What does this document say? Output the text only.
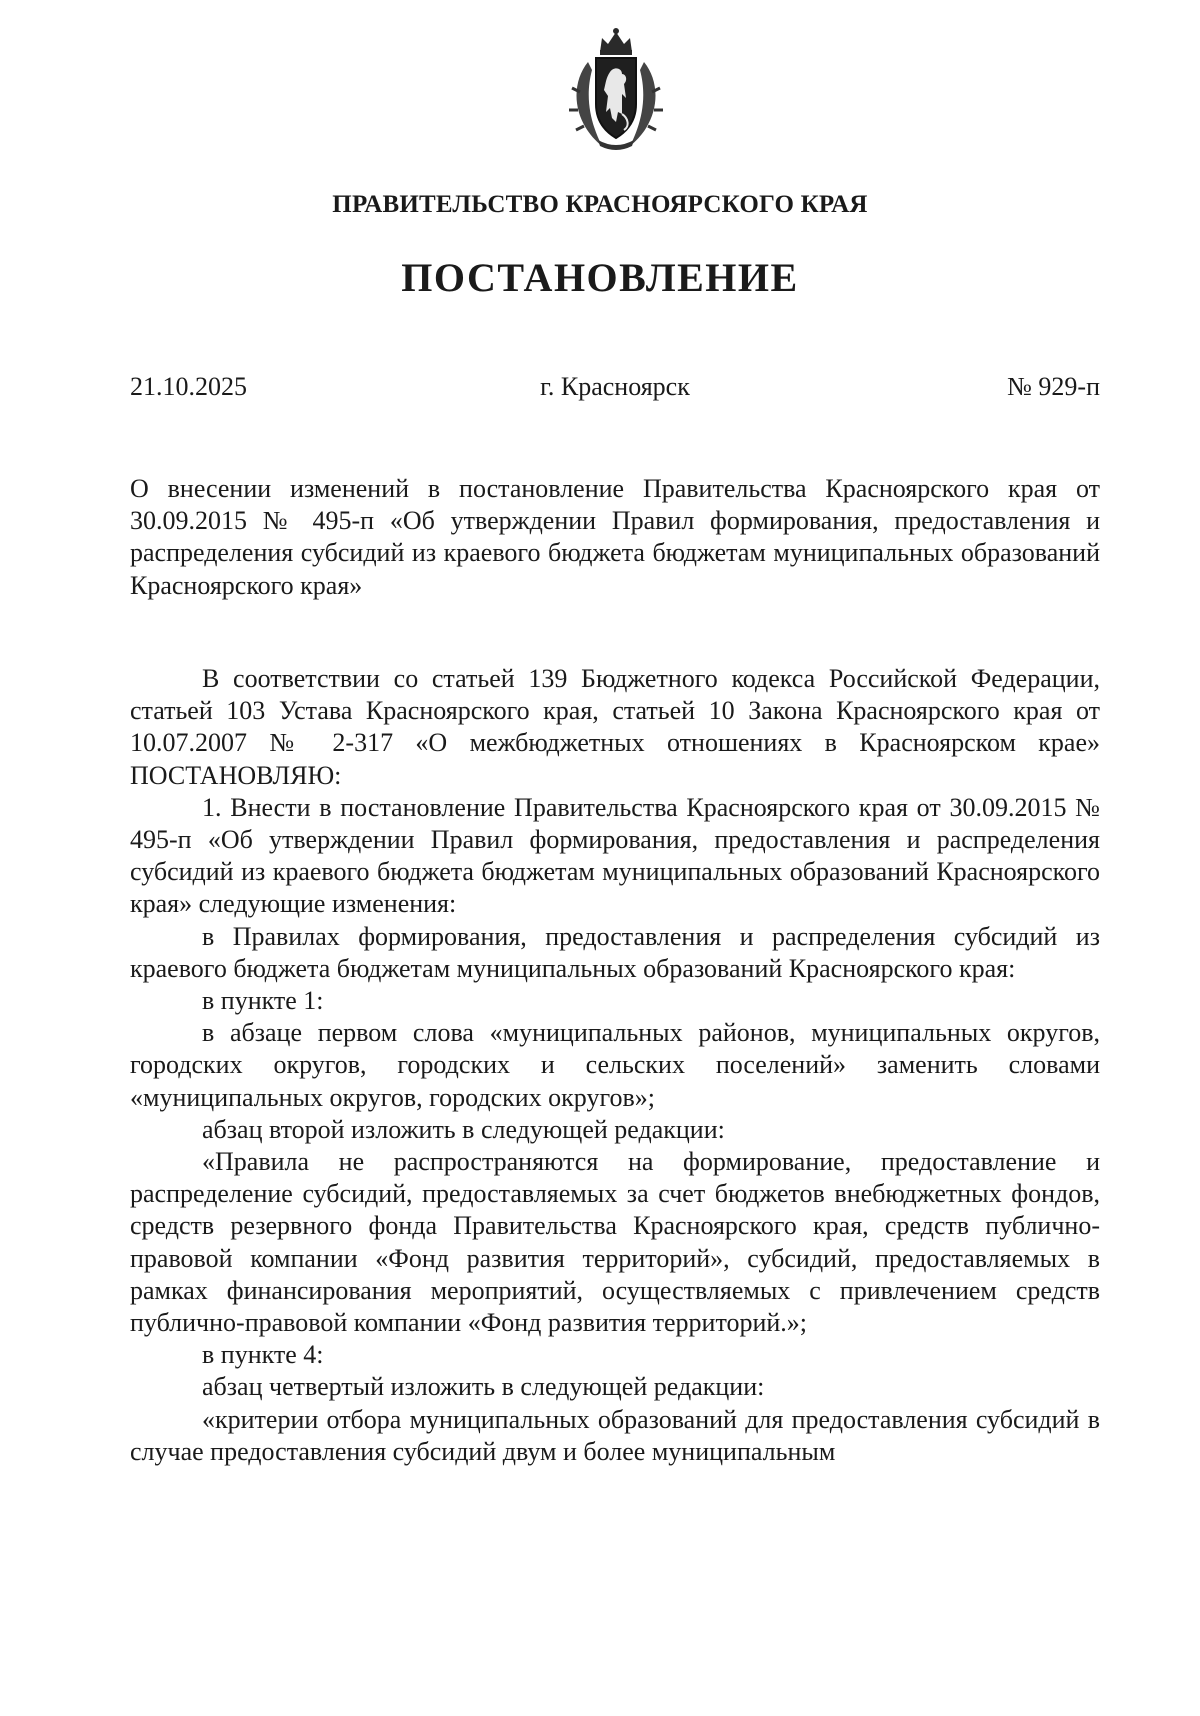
ПРАВИТЕЛЬСТВО КРАСНОЯРСКОГО КРАЯ
ПОСТАНОВЛЕНИЕ
21.10.2025	г. Красноярск	№ 929-п

О внесении изменений в постановление Правительства Красноярского края от 30.09.2015 № 495-п «Об утверждении Правил формирования, предоставления и распределения субсидий из краевого бюджета бюджетам муниципальных образований Красноярского края»

В соответствии со статьей 139 Бюджетного кодекса Российской Федерации, статьей 103 Устава Красноярского края, статьей 10 Закона Красноярского края от 10.07.2007 № 2-317 «О межбюджетных отношениях в Красноярском крае» ПОСТАНОВЛЯЮ:

1. Внести в постановление Правительства Красноярского края от 30.09.2015 № 495-п «Об утверждении Правил формирования, предоставления и распределения субсидий из краевого бюджета бюджетам муниципальных образований Красноярского края» следующие изменения:

в Правилах формирования, предоставления и распределения субсидий из краевого бюджета бюджетам муниципальных образований Красноярского края:

в пункте 1:

в абзаце первом слова «муниципальных районов, муниципальных округов, городских округов, городских и сельских поселений» заменить словами «муниципальных округов, городских округов»;

абзац второй изложить в следующей редакции:

«Правила не распространяются на формирование, предоставление и распределение субсидий, предоставляемых за счет бюджетов внебюджетных фондов, средств резервного фонда Правительства Красноярского края, средств публично-правовой компании «Фонд развития территорий», субсидий, предоставляемых в рамках финансирования мероприятий, осуществляемых с привлечением средств публично-правовой компании «Фонд развития территорий.»;

в пункте 4:

абзац четвертый изложить в следующей редакции:

«критерии отбора муниципальных образований для предоставления субсидий в случае предоставления субсидий двум и более муниципальным
